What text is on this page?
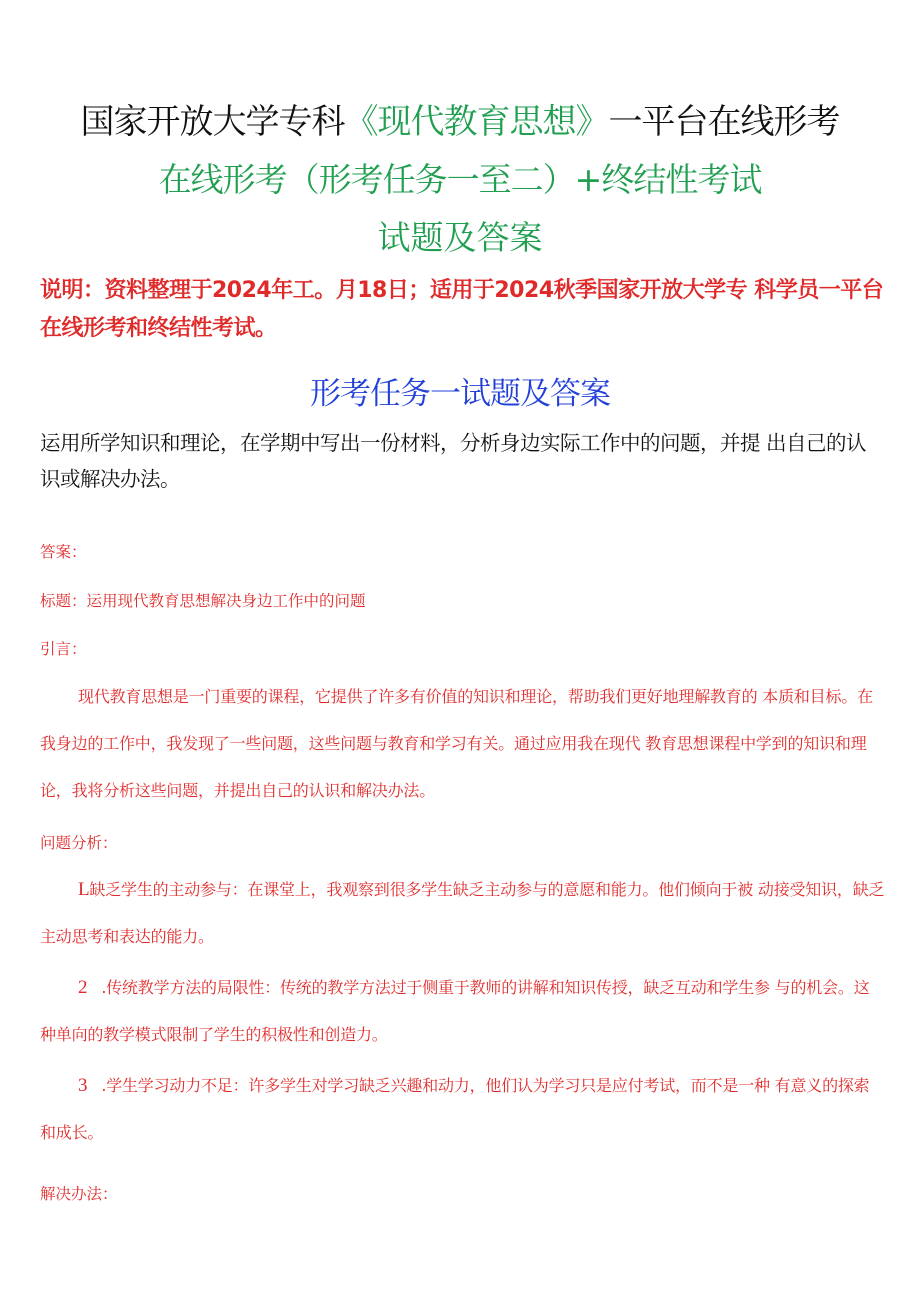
国家开放大学专科《现代教育思想》一平台在线形考
在线形考（形考任务一至二）+终结性考试
试题及答案
说明：资料整理于2024年工。月18日；适用于2024秋季国家开放大学专 科学员一平台在线形考和终结性考试。
形考任务一试题及答案
运用所学知识和理论，在学期中写出一份材料，分析身边实际工作中的问题，并提 出自己的认识或解决办法。
答案：
标题：运用现代教育思想解决身边工作中的问题
引言：
现代教育思想是一门重要的课程，它提供了许多有价值的知识和理论，帮助我们更好地理解教育的 本质和目标。在我身边的工作中，我发现了一些问题，这些问题与教育和学习有关。通过应用我在现代 教育思想课程中学到的知识和理论，我将分析这些问题，并提出自己的认识和解决办法。
问题分析：
L缺乏学生的主动参与：在课堂上，我观察到很多学生缺乏主动参与的意愿和能力。他们倾向于被 动接受知识，缺乏主动思考和表达的能力。
2 .传统教学方法的局限性：传统的教学方法过于侧重于教师的讲解和知识传授，缺乏互动和学生参 与的机会。这种单向的教学模式限制了学生的积极性和创造力。
3 .学生学习动力不足：许多学生对学习缺乏兴趣和动力，他们认为学习只是应付考试，而不是一种 有意义的探索和成长。
解决办法：
